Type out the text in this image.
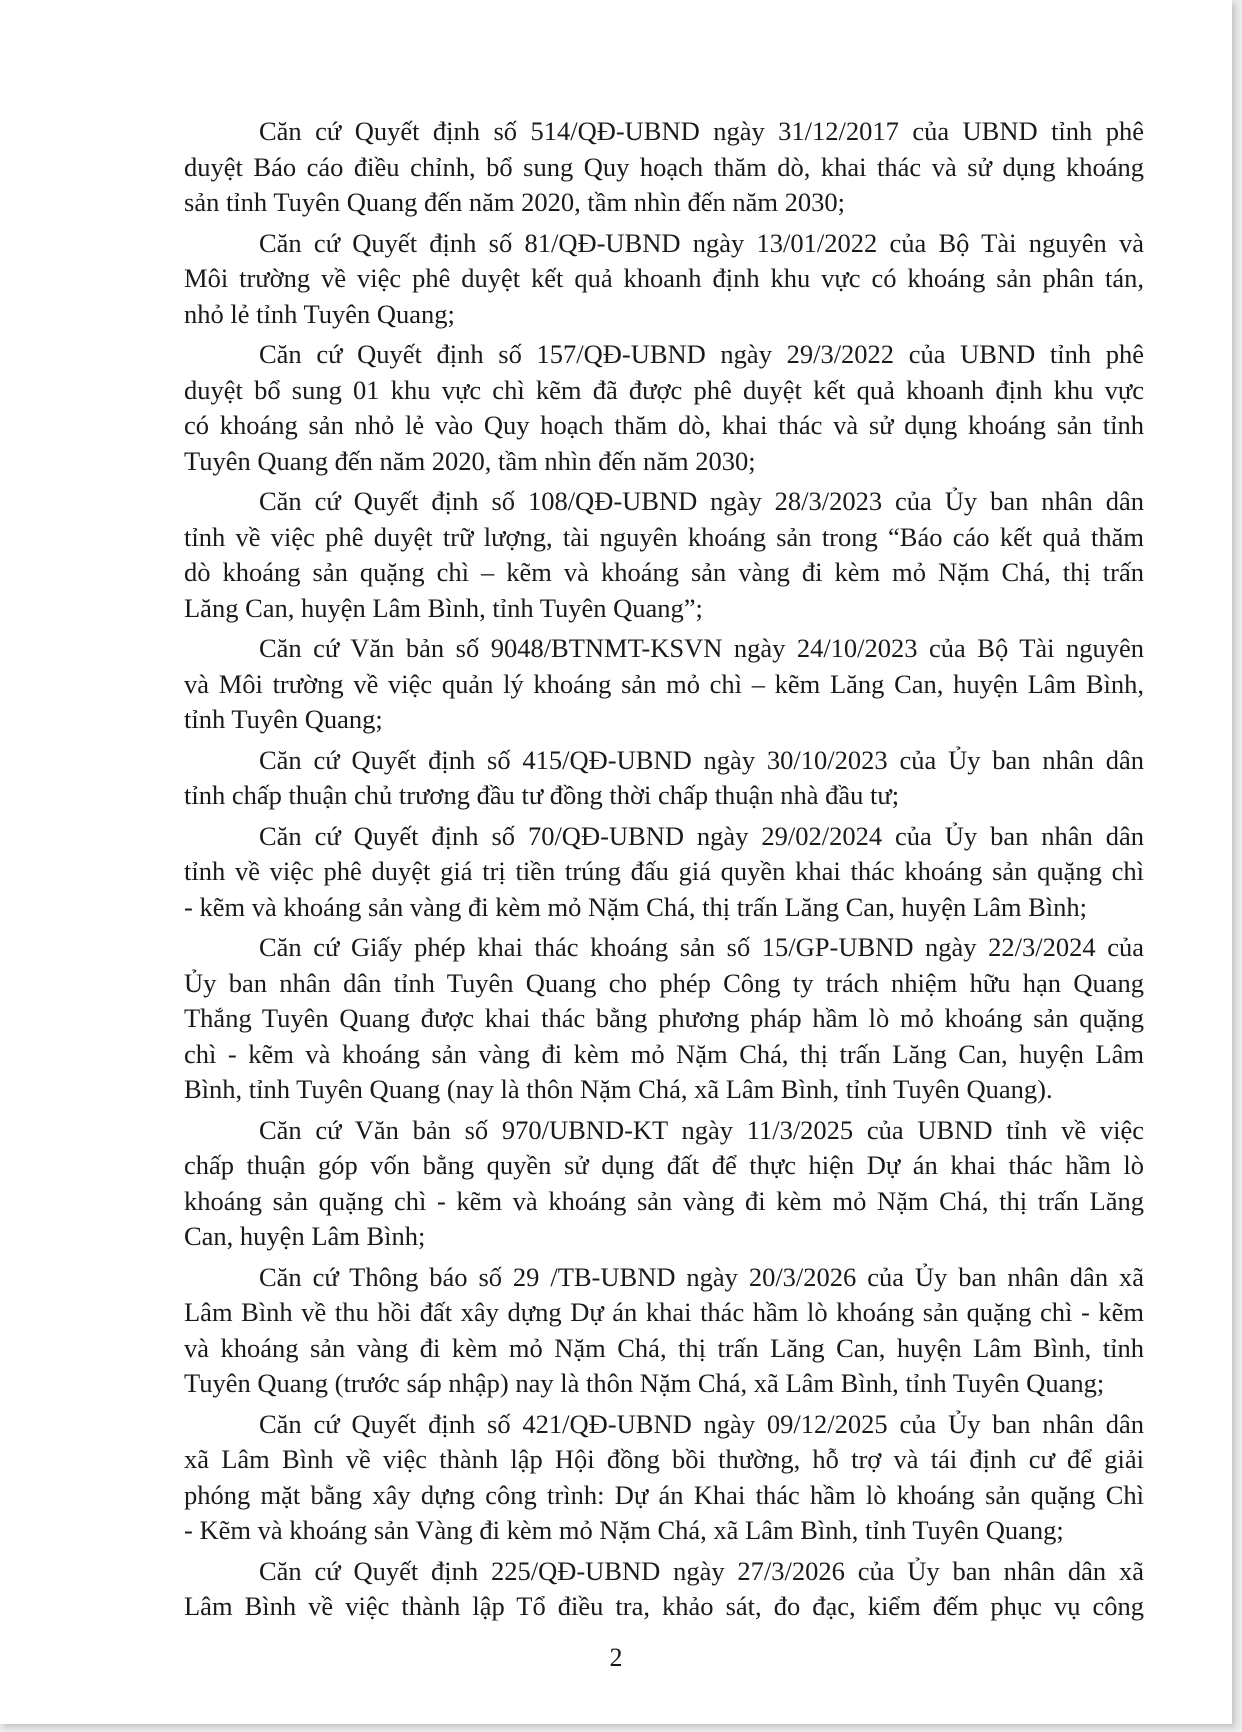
Căn cứ Quyết định số 514/QĐ-UBND ngày 31/12/2017 của UBND tỉnh phê
duyệt Báo cáo điều chỉnh, bổ sung Quy hoạch thăm dò, khai thác và sử dụng khoáng
sản tỉnh Tuyên Quang đến năm 2020, tầm nhìn đến năm 2030;

Căn cứ Quyết định số 81/QĐ-UBND ngày 13/01/2022 của Bộ Tài nguyên và
Môi trường về việc phê duyệt kết quả khoanh định khu vực có khoáng sản phân tán,
nhỏ lẻ tỉnh Tuyên Quang;

Căn cứ Quyết định số 157/QĐ-UBND ngày 29/3/2022 của UBND tỉnh phê
duyệt bổ sung 01 khu vực chì kẽm đã được phê duyệt kết quả khoanh định khu vực
có khoáng sản nhỏ lẻ vào Quy hoạch thăm dò, khai thác và sử dụng khoáng sản tỉnh
Tuyên Quang đến năm 2020, tầm nhìn đến năm 2030;

Căn cứ Quyết định số 108/QĐ-UBND ngày 28/3/2023 của Ủy ban nhân dân
tỉnh về việc phê duyệt trữ lượng, tài nguyên khoáng sản trong “Báo cáo kết quả thăm
dò khoáng sản quặng chì – kẽm và khoáng sản vàng đi kèm mỏ Nặm Chá, thị trấn
Lăng Can, huyện Lâm Bình, tỉnh Tuyên Quang”;

Căn cứ Văn bản số 9048/BTNMT-KSVN ngày 24/10/2023 của Bộ Tài nguyên
và Môi trường về việc quản lý khoáng sản mỏ chì – kẽm Lăng Can, huyện Lâm Bình,
tỉnh Tuyên Quang;

Căn cứ Quyết định số 415/QĐ-UBND ngày 30/10/2023 của Ủy ban nhân dân
tỉnh chấp thuận chủ trương đầu tư đồng thời chấp thuận nhà đầu tư;

Căn cứ Quyết định số 70/QĐ-UBND ngày 29/02/2024 của Ủy ban nhân dân
tỉnh về việc phê duyệt giá trị tiền trúng đấu giá quyền khai thác khoáng sản quặng chì
- kẽm và khoáng sản vàng đi kèm mỏ Nặm Chá, thị trấn Lăng Can, huyện Lâm Bình;

Căn cứ Giấy phép khai thác khoáng sản số 15/GP-UBND ngày 22/3/2024 của
Ủy ban nhân dân tỉnh Tuyên Quang cho phép Công ty trách nhiệm hữu hạn Quang
Thắng Tuyên Quang được khai thác bằng phương pháp hầm lò mỏ khoáng sản quặng
chì - kẽm và khoáng sản vàng đi kèm mỏ Nặm Chá, thị trấn Lăng Can, huyện Lâm
Bình, tỉnh Tuyên Quang (nay là thôn Nặm Chá, xã Lâm Bình, tỉnh Tuyên Quang).

Căn cứ Văn bản số 970/UBND-KT ngày 11/3/2025 của UBND tỉnh về việc
chấp thuận góp vốn bằng quyền sử dụng đất để thực hiện Dự án khai thác hầm lò
khoáng sản quặng chì - kẽm và khoáng sản vàng đi kèm mỏ Nặm Chá, thị trấn Lăng
Can, huyện Lâm Bình;

Căn cứ Thông báo số 29 /TB-UBND ngày 20/3/2026 của Ủy ban nhân dân xã
Lâm Bình về thu hồi đất xây dựng Dự án khai thác hầm lò khoáng sản quặng chì - kẽm
và khoáng sản vàng đi kèm mỏ Nặm Chá, thị trấn Lăng Can, huyện Lâm Bình, tỉnh
Tuyên Quang (trước sáp nhập) nay là thôn Nặm Chá, xã Lâm Bình, tỉnh Tuyên Quang;

Căn cứ Quyết định số 421/QĐ-UBND ngày 09/12/2025 của Ủy ban nhân dân
xã Lâm Bình về việc thành lập Hội đồng bồi thường, hỗ trợ và tái định cư để giải
phóng mặt bằng xây dựng công trình: Dự án Khai thác hầm lò khoáng sản quặng Chì
- Kẽm và khoáng sản Vàng đi kèm mỏ Nặm Chá, xã Lâm Bình, tỉnh Tuyên Quang;

Căn cứ Quyết định 225/QĐ-UBND ngày 27/3/2026 của Ủy ban nhân dân xã
Lâm Bình về việc thành lập Tổ điều tra, khảo sát, đo đạc, kiểm đếm phục vụ công

2
